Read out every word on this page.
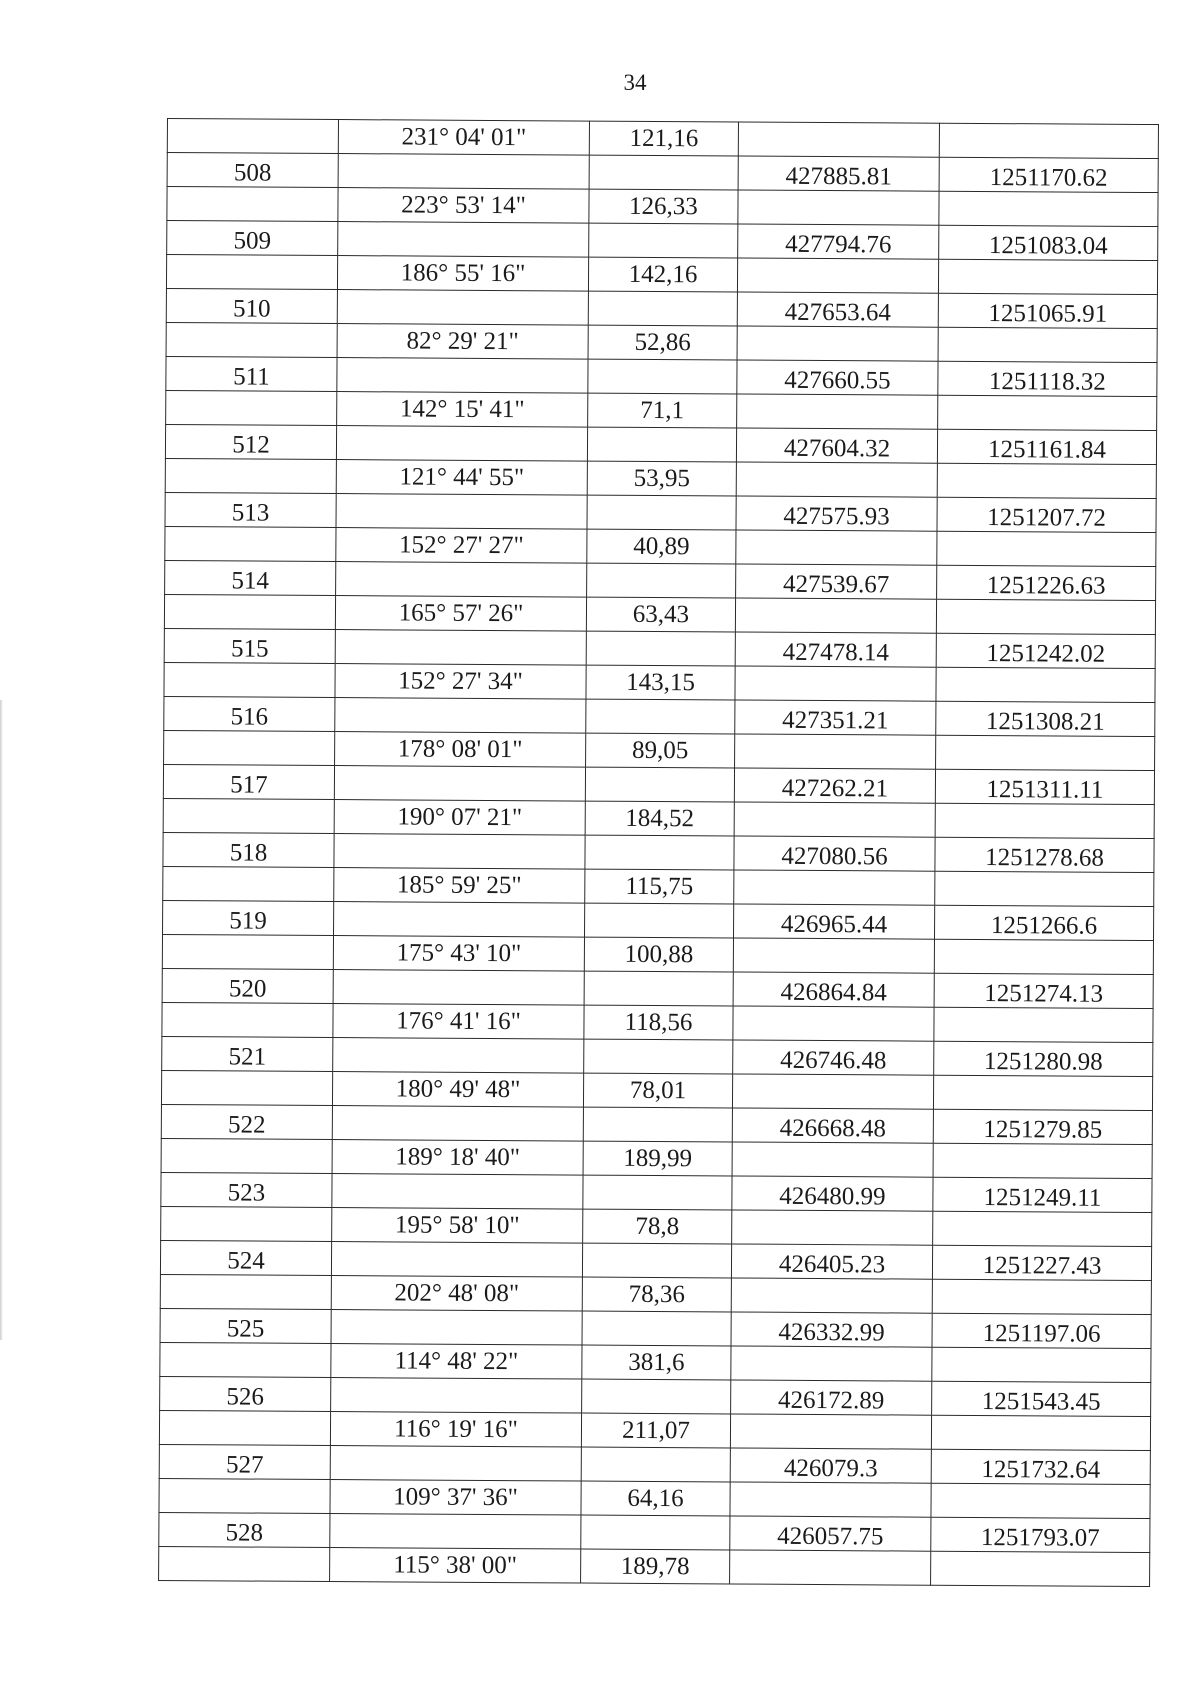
34
	231° 04' 01"	121,16		
508			427885.81	1251170.62
	223° 53' 14"	126,33		
509			427794.76	1251083.04
	186° 55' 16"	142,16		
510			427653.64	1251065.91
	82° 29' 21"	52,86		
511			427660.55	1251118.32
	142° 15' 41"	71,1		
512			427604.32	1251161.84
	121° 44' 55"	53,95		
513			427575.93	1251207.72
	152° 27' 27"	40,89		
514			427539.67	1251226.63
	165° 57' 26"	63,43		
515			427478.14	1251242.02
	152° 27' 34"	143,15		
516			427351.21	1251308.21
	178° 08' 01"	89,05		
517			427262.21	1251311.11
	190° 07' 21"	184,52		
518			427080.56	1251278.68
	185° 59' 25"	115,75		
519			426965.44	1251266.6
	175° 43' 10"	100,88		
520			426864.84	1251274.13
	176° 41' 16"	118,56		
521			426746.48	1251280.98
	180° 49' 48"	78,01		
522			426668.48	1251279.85
	189° 18' 40"	189,99		
523			426480.99	1251249.11
	195° 58' 10"	78,8		
524			426405.23	1251227.43
	202° 48' 08"	78,36		
525			426332.99	1251197.06
	114° 48' 22"	381,6		
526			426172.89	1251543.45
	116° 19' 16"	211,07		
527			426079.3	1251732.64
	109° 37' 36"	64,16		
528			426057.75	1251793.07
	115° 38' 00"	189,78		
